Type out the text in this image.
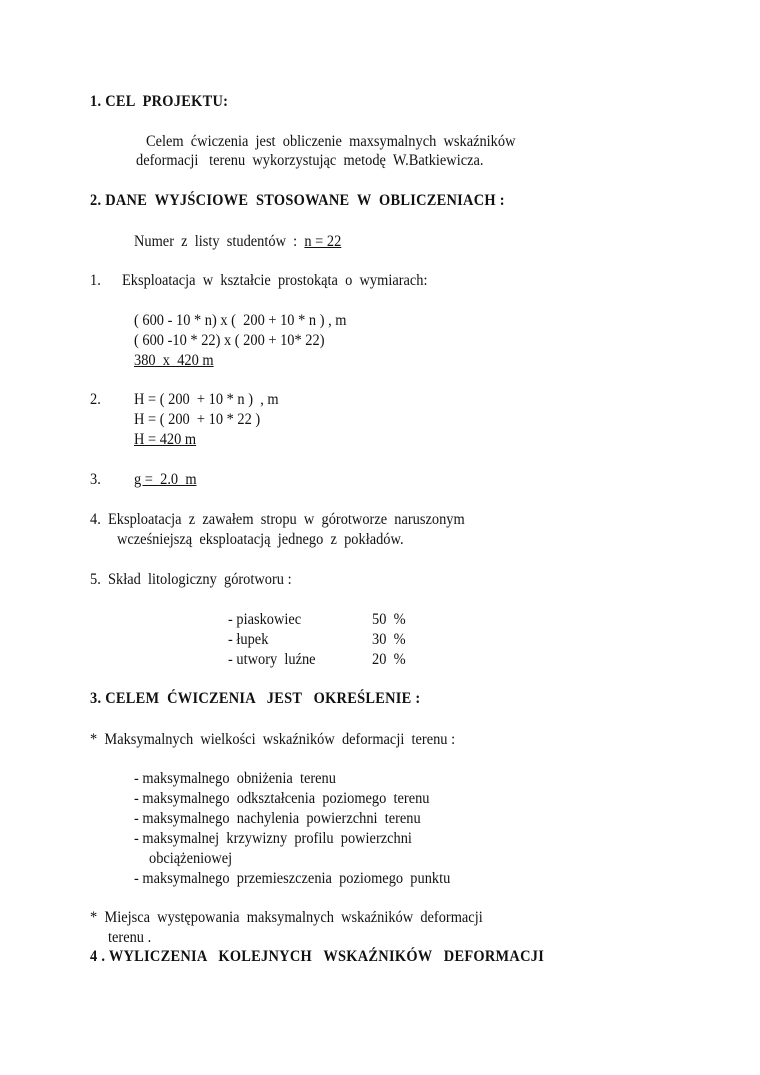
1. CEL  PROJEKTU:
Celem  ćwiczenia  jest  obliczenie  maxsymalnych  wskaźników
deformacji   terenu  wykorzystując  metodę  W.Batkiewicza.
2. DANE  WYJŚCIOWE  STOSOWANE  W  OBLICZENIACH :
Numer  z  listy  studentów  : n = 22
1. Eksploatacja  w  kształcie  prostokąta  o  wymiarach:
( 600 - 10 * n) x (  200 + 10 * n ) , m
( 600 -10 * 22) x ( 200 + 10* 22)
380  x  420 m
2. H = ( 200  + 10 * n )  , m
H = ( 200  + 10 * 22 )
H = 420 m
3. g =  2.0  m
4.  Eksploatacja  z  zawałem  stropu  w  górotworze  naruszonym
wcześniejszą  eksploatacją  jednego  z  pokładów.
5.  Skład  litologiczny  górotworu :
- piaskowiec	50  %
- łupek	30  %
- utwory  luźne	20  %
3. CELEM  ĆWICZENIA   JEST   OKREŚLENIE :
*  Maksymalnych  wielkości  wskaźników  deformacji  terenu :
- maksymalnego  obniżenia  terenu
- maksymalnego  odkształcenia  poziomego  terenu
- maksymalnego  nachylenia  powierzchni  terenu
- maksymalnej  krzywizny  profilu  powierzchni
obciążeniowej
- maksymalnego  przemieszczenia  poziomego  punktu
*  Miejsca  występowania  maksymalnych  wskaźników  deformacji
terenu .
4 . WYLICZENIA   KOLEJNYCH   WSKAŹNIKÓW   DEFORMACJI
